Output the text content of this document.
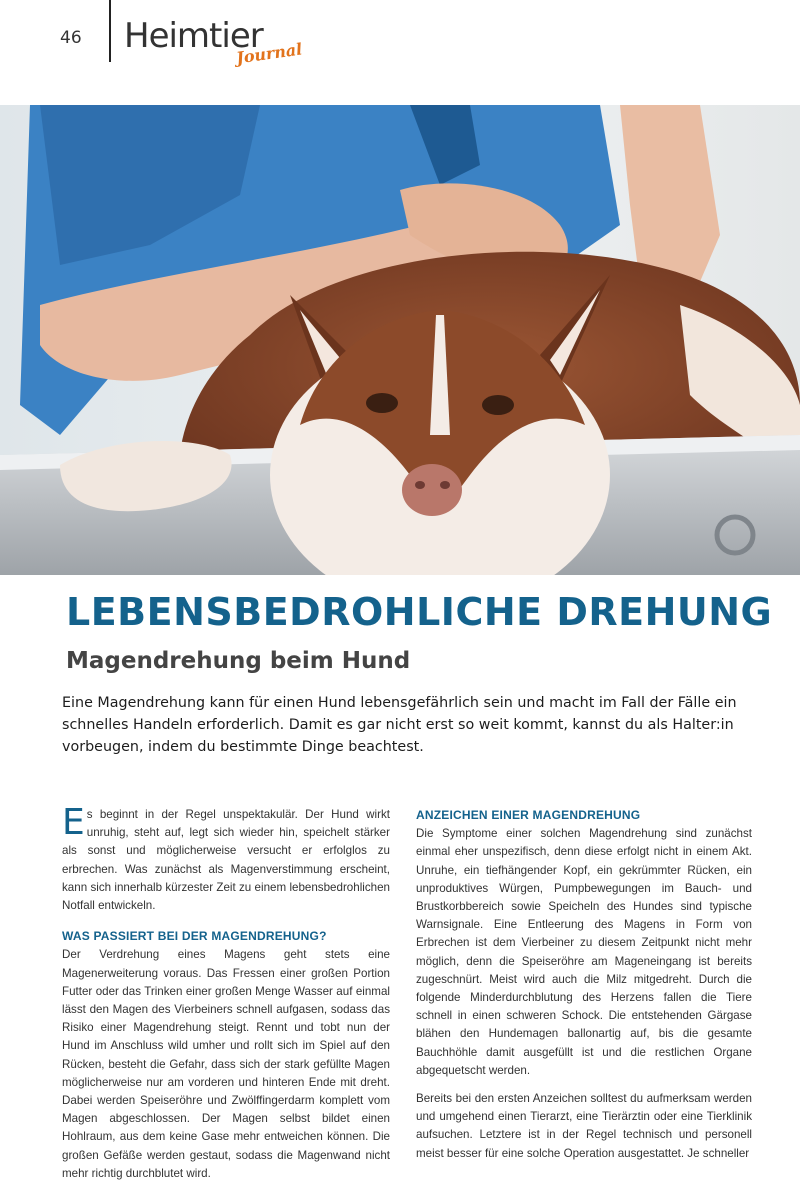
46 Heimtier
Journal
LEBENSBEDROHLICHE DREHUNG
Magendrehung beim Hund

Eine Magendrehung kann für einen Hund lebensgefährlich sein und macht im Fall der Fälle ein schnelles Handeln erforderlich. Damit es gar nicht erst so weit kommt, kannst du als Halter:in vorbeugen, indem du bestimmte Dinge beachtest.

Es beginnt in der Regel unspektakulär. Der Hund wirkt unruhig, steht auf, legt sich wieder hin, speichelt stärker als sonst und möglicherweise versucht er erfolglos zu erbrechen. Was zunächst als Magenverstimmung erscheint, kann sich innerhalb kürzester Zeit zu einem lebensbedrohlichen Notfall entwickeln.

WAS PASSIERT BEI DER MAGENDREHUNG?

Der Verdrehung eines Magens geht stets eine Magenerweiterung voraus. Das Fressen einer großen Portion Futter oder das Trinken einer großen Menge Wasser auf einmal lässt den Magen des Vierbeiners schnell aufgasen, sodass das Risiko einer Magendrehung steigt. Rennt und tobt nun der Hund im Anschluss wild umher und rollt sich im Spiel auf den Rücken, besteht die Gefahr, dass sich der stark gefüllte Magen möglicherweise nur am vorderen und hinteren Ende mit dreht. Dabei werden Speiseröhre und Zwölffingerdarm komplett vom Magen abgeschlossen. Der Magen selbst bildet einen Hohlraum, aus dem keine Gase mehr entweichen können. Die großen Gefäße werden gestaut, sodass die Magenwand nicht mehr richtig durchblutet wird.

ANZEICHEN EINER MAGENDREHUNG

Die Symptome einer solchen Magendrehung sind zunächst einmal eher unspezifisch, denn diese erfolgt nicht in einem Akt. Unruhe, ein tiefhängender Kopf, ein gekrümmter Rücken, ein unproduktives Würgen, Pumpbewegungen im Bauch- und Brustkorbbereich sowie Speicheln des Hundes sind typische Warnsignale. Eine Entleerung des Magens in Form von Erbrechen ist dem Vierbeiner zu diesem Zeitpunkt nicht mehr möglich, denn die Speiseröhre am Mageneingang ist bereits zugeschnürt. Meist wird auch die Milz mitgedreht. Durch die folgende Minderdurchblutung des Herzens fallen die Tiere schnell in einen schweren Schock. Die entstehenden Gärgase blähen den Hundemagen ballonartig auf, bis die gesamte Bauchhöhle damit ausgefüllt ist und die restlichen Organe abgequetscht werden.

Bereits bei den ersten Anzeichen solltest du aufmerksam werden und umgehend einen Tierarzt, eine Tierärztin oder eine Tierklinik aufsuchen. Letztere ist in der Regel technisch und personell meist besser für eine solche Operation ausgestattet. Je schneller
